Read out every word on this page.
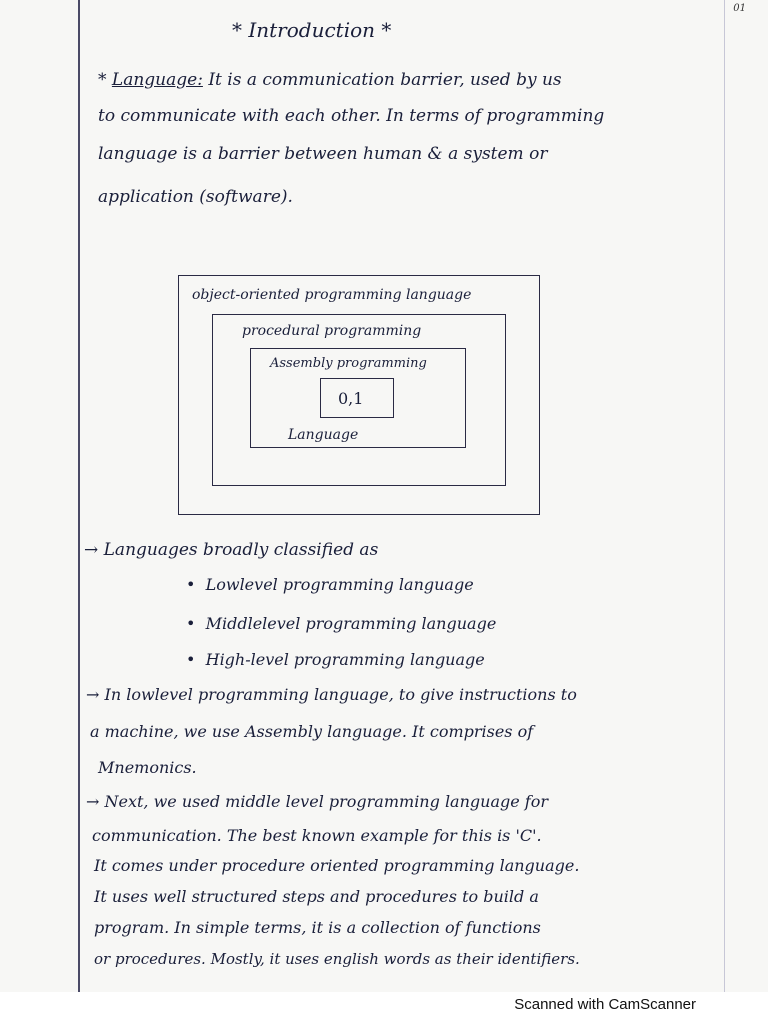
01
* Introduction *
* Language: It is a communication barrier, used by us
to communicate with each other. In terms of programming
language is a barrier between human & a system or
application (software).
object-oriented programming language
procedural programming
Assembly programming
0,1
Language
→ Languages broadly classified as
•  Lowlevel programming language
•  Middlelevel programming language
•  High-level programming language
→ In lowlevel programming language, to give instructions to
a machine, we use Assembly language. It comprises of
Mnemonics.
→ Next, we used middle level programming language for
communication. The best known example for this is 'C'.
It comes under procedure oriented programming language.
It uses well structured steps and procedures to build a
program. In simple terms, it is a collection of functions
or procedures. Mostly, it uses english words as their identifiers.
Scanned with CamScanner
